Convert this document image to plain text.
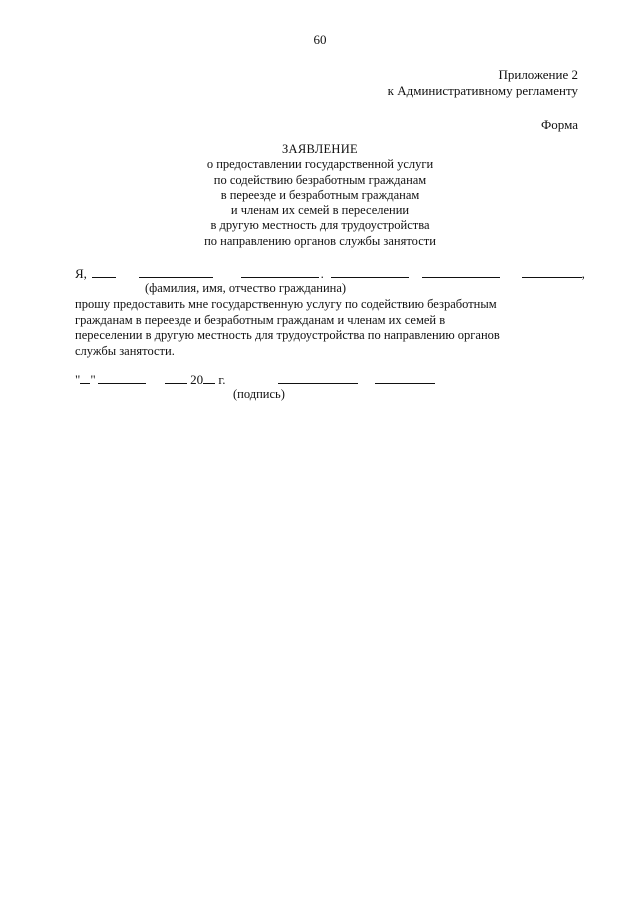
60
Приложение 2
к Административному регламенту
Форма
ЗАЯВЛЕНИЕ
о предоставлении государственной услуги
по содействию безработным гражданам
в переезде и безработным гражданам
и членам их семей в переселении
в другую местность для трудоустройства
по направлению органов службы занятости
Я,	.	,
(фамилия, имя, отчество гражданина)
прошу предоставить мне государственную услугу по содействию безработным
гражданам в переезде и безработным гражданам и членам их семей в
переселении в другую местность для трудоустройства по направлению органов
службы занятости.
" "	20 г.
(подпись)
